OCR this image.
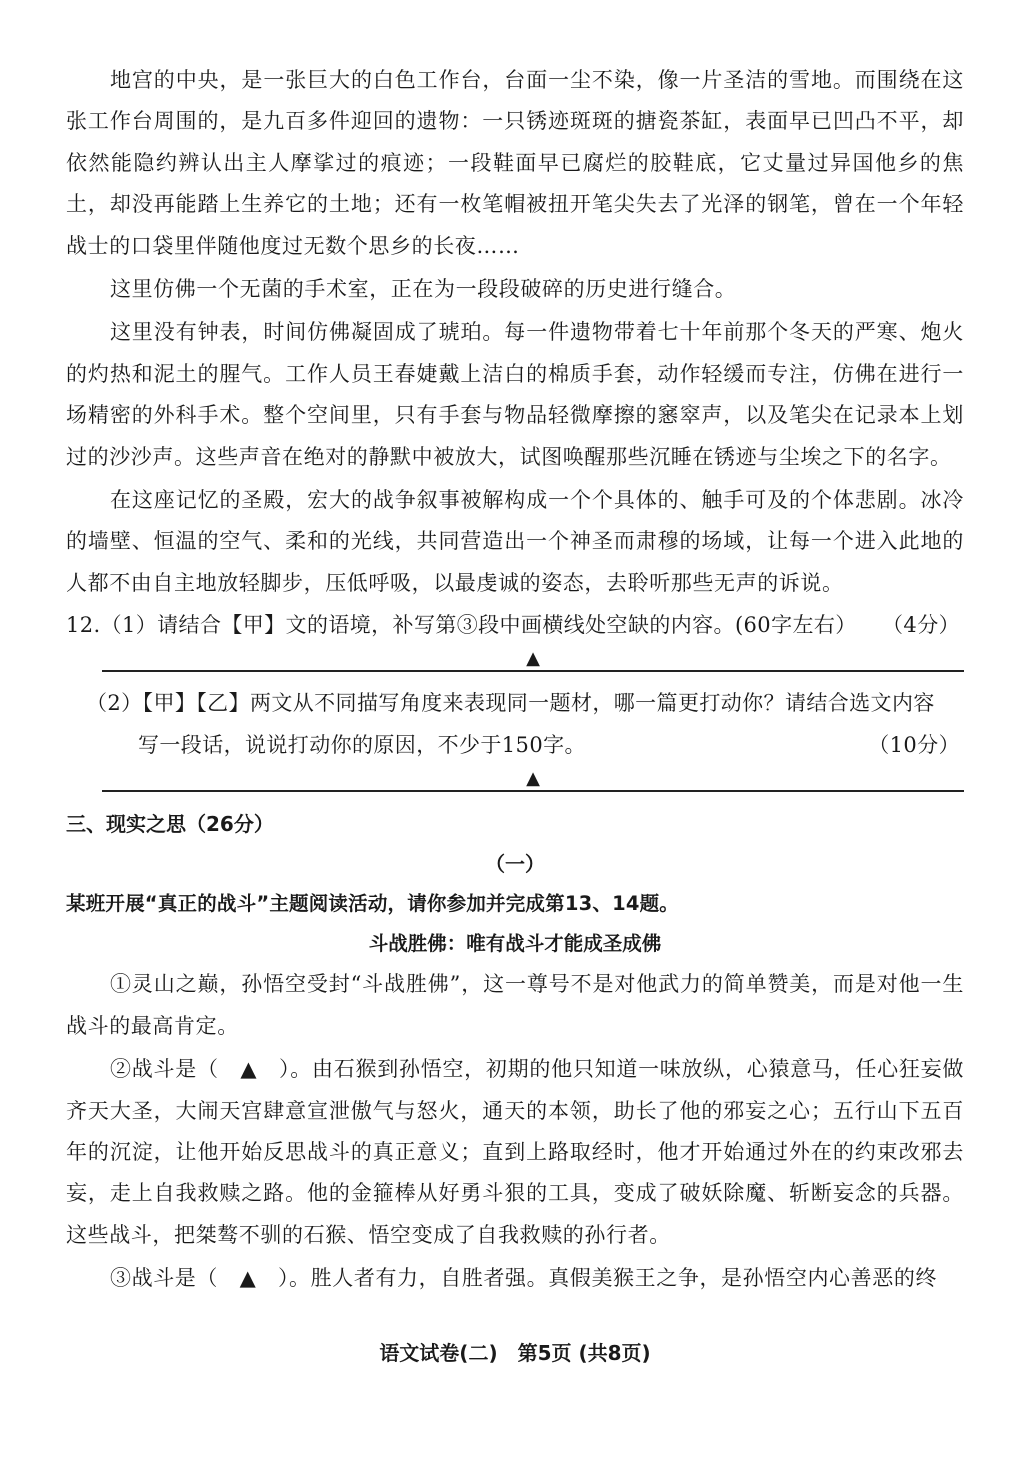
地宫的中央，是一张巨大的白色工作台，台面一尘不染，像一片圣洁的雪地。而围绕在这张工作台周围的，是九百多件迎回的遗物：一只锈迹斑斑的搪瓷茶缸，表面早已凹凸不平，却依然能隐约辨认出主人摩挲过的痕迹；一段鞋面早已腐烂的胶鞋底，它丈量过异国他乡的焦土，却没再能踏上生养它的土地；还有一枚笔帽被扭开笔尖失去了光泽的钢笔，曾在一个年轻战士的口袋里伴随他度过无数个思乡的长夜……

这里仿佛一个无菌的手术室，正在为一段段破碎的历史进行缝合。

这里没有钟表，时间仿佛凝固成了琥珀。每一件遗物带着七十年前那个冬天的严寒、炮火的灼热和泥土的腥气。工作人员王春婕戴上洁白的棉质手套，动作轻缓而专注，仿佛在进行一场精密的外科手术。整个空间里，只有手套与物品轻微摩擦的窸窣声，以及笔尖在记录本上划过的沙沙声。这些声音在绝对的静默中被放大，试图唤醒那些沉睡在锈迹与尘埃之下的名字。

在这座记忆的圣殿，宏大的战争叙事被解构成一个个具体的、触手可及的个体悲剧。冰冷的墙壁、恒温的空气、柔和的光线，共同营造出一个神圣而肃穆的场域，让每一个进入此地的人都不由自主地放轻脚步，压低呼吸，以最虔诚的姿态，去聆听那些无声的诉说。

12.（1）请结合【甲】文的语境，补写第③段中画横线处空缺的内容。(60字左右） （4分）
▲
（2）【甲】【乙】两文从不同描写角度来表现同一题材，哪一篇更打动你？请结合选文内容
写一段话，说说打动你的原因，不少于150字。	（10分）
▲
三、现实之思（26分）
（一）
某班开展“真正的战斗”主题阅读活动，请你参加并完成第13、14题。
斗战胜佛：唯有战斗才能成圣成佛

①灵山之巅，孙悟空受封“斗战胜佛”，这一尊号不是对他武力的简单赞美，而是对他一生战斗的最高肯定。

②战斗是（　▲　）。由石猴到孙悟空，初期的他只知道一味放纵，心猿意马，任心狂妄做齐天大圣，大闹天宫肆意宣泄傲气与怒火，通天的本领，助长了他的邪妄之心；五行山下五百年的沉淀，让他开始反思战斗的真正意义；直到上路取经时，他才开始通过外在的约束改邪去妄，走上自我救赎之路。他的金箍棒从好勇斗狠的工具，变成了破妖除魔、斩断妄念的兵器。这些战斗，把桀骜不驯的石猴、悟空变成了自我救赎的孙行者。

③战斗是（　▲　）。胜人者有力，自胜者强。真假美猴王之争，是孙悟空内心善恶的终

语文试卷(二)　第5页 (共8页)
